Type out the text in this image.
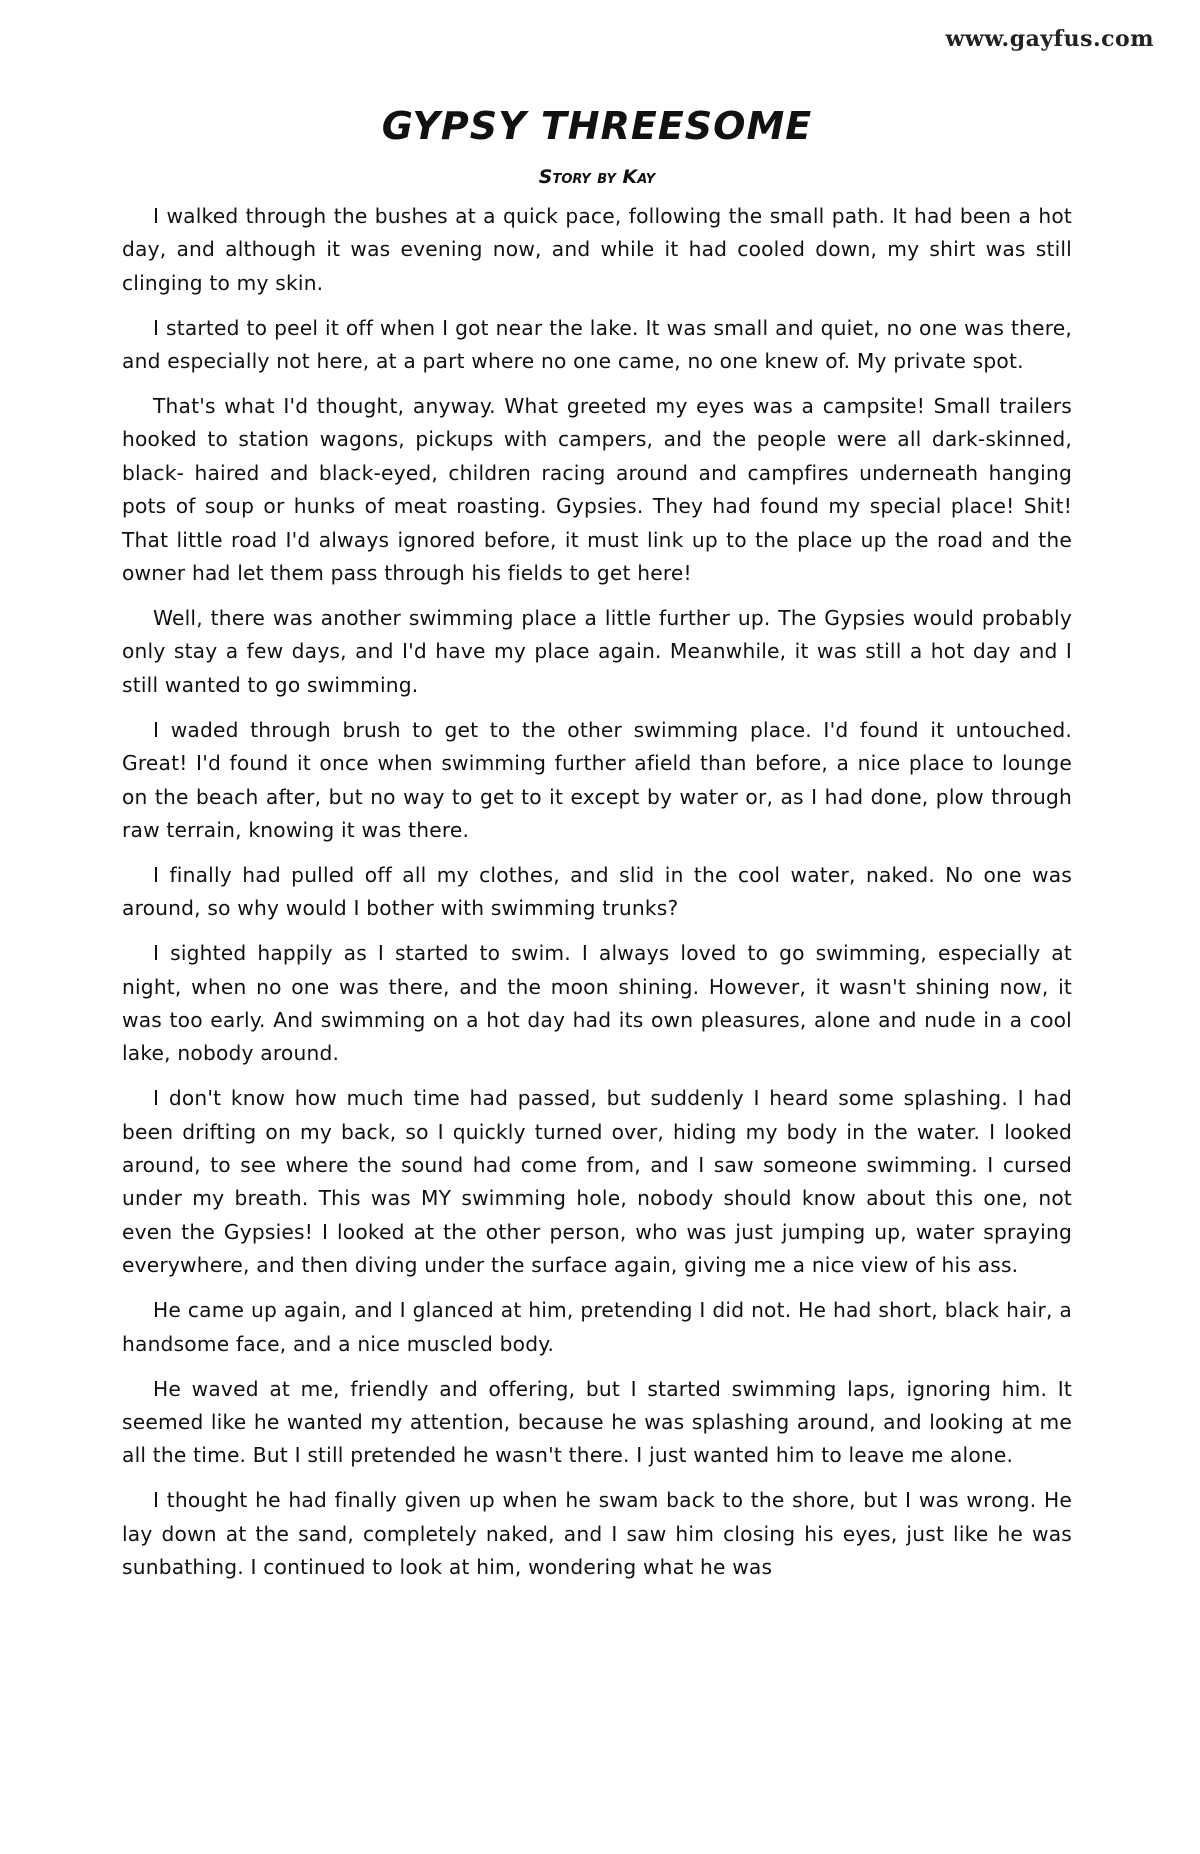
www.gayfus.com
GYPSY THREESOME
Story by Kay

I walked through the bushes at a quick pace, following the small path. It had been a hot day, and although it was evening now, and while it had cooled down, my shirt was still clinging to my skin.

I started to peel it off when I got near the lake. It was small and quiet, no one was there, and especially not here, at a part where no one came, no one knew of. My private spot.

That's what I'd thought, anyway. What greeted my eyes was a campsite! Small trailers hooked to station wagons, pickups with campers, and the people were all dark-skinned, black- haired and black-eyed, children racing around and campfires underneath hanging pots of soup or hunks of meat roasting. Gypsies. They had found my special place! Shit! That little road I'd always ignored before, it must link up to the place up the road and the owner had let them pass through his fields to get here!

Well, there was another swimming place a little further up. The Gypsies would probably only stay a few days, and I'd have my place again. Meanwhile, it was still a hot day and I still wanted to go swimming.

I waded through brush to get to the other swimming place. I'd found it untouched. Great! I'd found it once when swimming further afield than before, a nice place to lounge on the beach after, but no way to get to it except by water or, as I had done, plow through raw terrain, knowing it was there.

I finally had pulled off all my clothes, and slid in the cool water, naked. No one was around, so why would I bother with swimming trunks?

I sighted happily as I started to swim. I always loved to go swimming, especially at night, when no one was there, and the moon shining. However, it wasn't shining now, it was too early. And swimming on a hot day had its own pleasures, alone and nude in a cool lake, nobody around.

I don't know how much time had passed, but suddenly I heard some splashing. I had been drifting on my back, so I quickly turned over, hiding my body in the water. I looked around, to see where the sound had come from, and I saw someone swimming. I cursed under my breath. This was MY swimming hole, nobody should know about this one, not even the Gypsies! I looked at the other person, who was just jumping up, water spraying everywhere, and then diving under the surface again, giving me a nice view of his ass.

He came up again, and I glanced at him, pretending I did not. He had short, black hair, a handsome face, and a nice muscled body.

He waved at me, friendly and offering, but I started swimming laps, ignoring him. It seemed like he wanted my attention, because he was splashing around, and looking at me all the time. But I still pretended he wasn't there. I just wanted him to leave me alone.

I thought he had finally given up when he swam back to the shore, but I was wrong. He lay down at the sand, completely naked, and I saw him closing his eyes, just like he was sunbathing. I continued to look at him, wondering what he was
